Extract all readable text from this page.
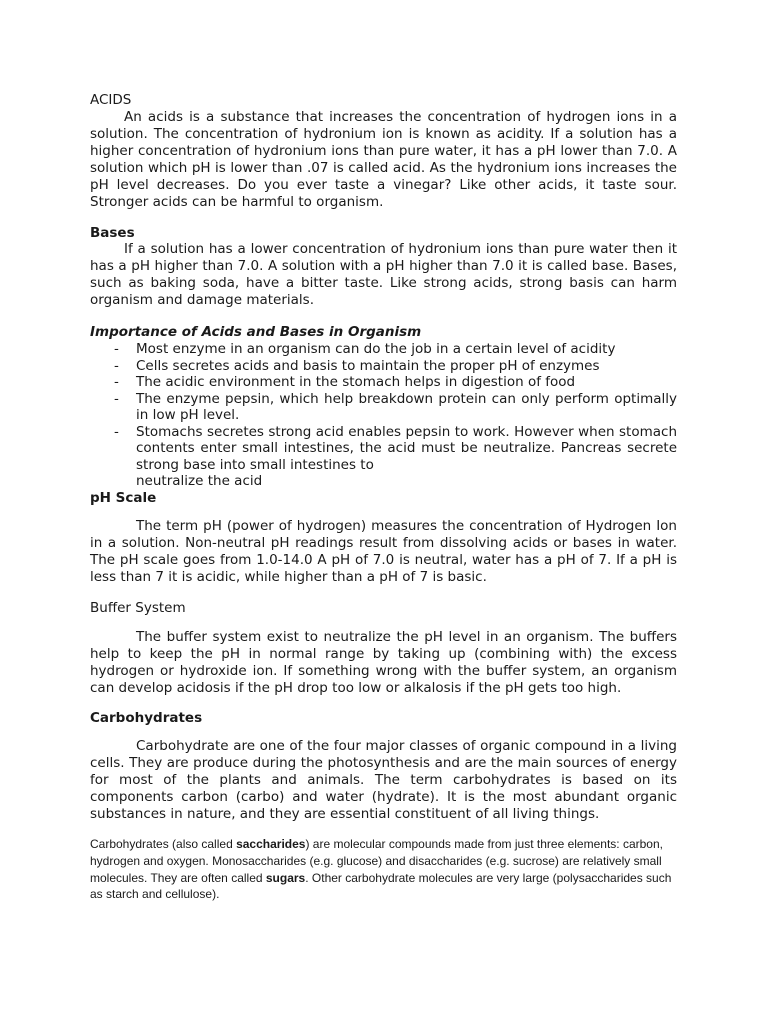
ACIDS

An acids is a substance that increases the concentration of hydrogen ions in a solution. The concentration of hydronium ion is known as acidity. If a solution has a higher concentration of hydronium ions than pure water, it has a pH lower than 7.0. A solution which pH is lower than .07 is called acid. As the hydronium ions increases the pH level decreases. Do you ever taste a vinegar? Like other acids, it taste sour. Stronger acids can be harmful to organism.

Bases

If a solution has a lower concentration of hydronium ions than pure water then it has a pH higher than 7.0. A solution with a pH higher than 7.0 it is called base. Bases, such as baking soda, have a bitter taste. Like strong acids, strong basis can harm organism and damage materials.

Importance of Acids and Bases in Organism
- Most enzyme in an organism can do the job in a certain level of acidity
- Cells secretes acids and basis to maintain the proper pH of enzymes
- The acidic environment in the stomach helps in digestion of food
- The enzyme pepsin, which help breakdown protein can only perform optimally in low pH level.
- Stomachs secretes strong acid enables pepsin to work. However when stomach contents enter small intestines, the acid must be neutralize. Pancreas secrete strong base into small intestines to
neutralize the acid
pH Scale

The term pH (power of hydrogen) measures the concentration of Hydrogen Ion in a solution. Non-neutral pH readings result from dissolving acids or bases in water. The pH scale goes from 1.0-14.0 A pH of 7.0 is neutral, water has a pH of 7. If a pH is less than 7 it is acidic, while higher than a pH of 7 is basic.

Buffer System

The buffer system exist to neutralize the pH level in an organism. The buffers help to keep the pH in normal range by taking up (combining with) the excess hydrogen or hydroxide ion. If something wrong with the buffer system, an organism can develop acidosis if the pH drop too low or alkalosis if the pH gets too high.

Carbohydrates

Carbohydrate are one of the four major classes of organic compound in a living cells. They are produce during the photosynthesis and are the main sources of energy for most of the plants and animals. The term carbohydrates is based on its components carbon (carbo) and water (hydrate). It is the most abundant organic substances in nature, and they are essential constituent of all living things.

Carbohydrates (also called saccharides) are molecular compounds made from just three elements: carbon, hydrogen and oxygen. Monosaccharides (e.g. glucose) and disaccharides (e.g. sucrose) are relatively small molecules. They are often called sugars. Other carbohydrate molecules are very large (polysaccharides such as starch and cellulose).
